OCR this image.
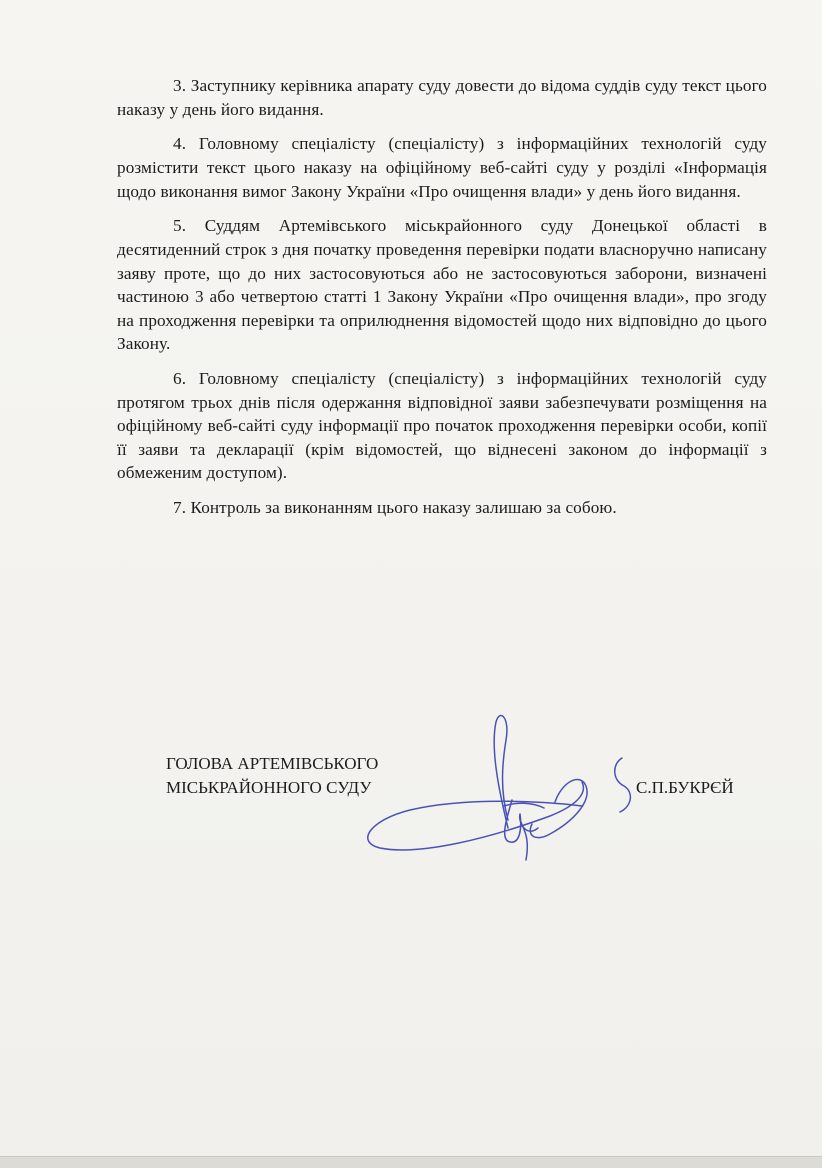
3. Заступнику керівника апарату суду довести до відома суддів суду текст цього наказу у день його видання.

4. Головному спеціалісту (спеціалісту) з інформаційних технологій суду розмістити текст цього наказу на офіційному веб-сайті суду у розділі «Інформація щодо виконання вимог Закону України «Про очищення влади» у день його видання.

5. Суддям Артемівського міськрайонного суду Донецької області в десятиденний строк з дня початку проведення перевірки подати власноручно написану заяву проте, що до них застосовуються або не застосовуються заборони, визначені частиною 3 або четвертою статті 1 Закону України «Про очищення влади», про згоду на проходження перевірки та оприлюднення відомостей щодо них відповідно до цього Закону.

6. Головному спеціалісту (спеціалісту) з інформаційних технологій суду протягом трьох днів після одержання відповідної заяви забезпечувати розміщення на офіційному веб-сайті суду інформації про початок проходження перевірки особи, копії її заяви та декларації (крім відомостей, що віднесені законом до інформації з обмеженим доступом).

7. Контроль за виконанням цього наказу залишаю за собою.

ГОЛОВА АРТЕМІВСЬКОГО
МІСЬКРАЙОННОГО СУДУ	С.П.БУКРЄЙ
